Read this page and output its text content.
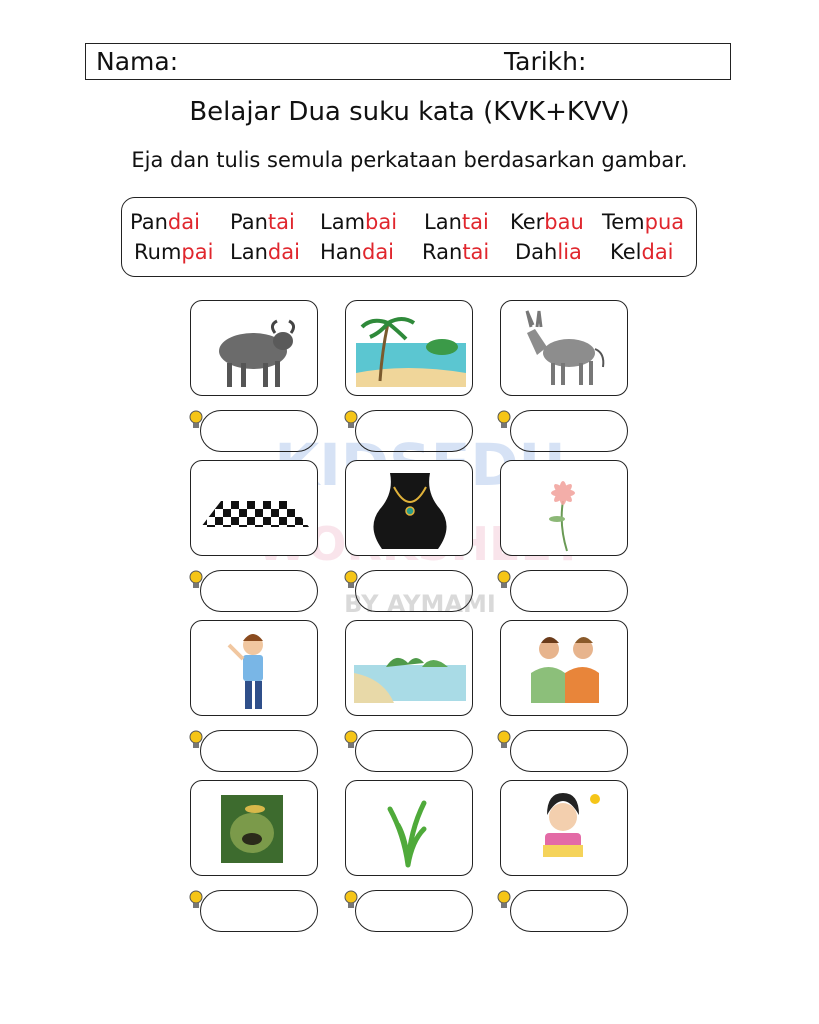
Nama:	Tarikh:
Belajar Dua suku kata (KVK+KVV)
Eja dan tulis semula perkataan berdasarkan gambar.
Pandai Pantai Lambai Lantai Kerbau Tempua
Rumpai Landai Handai Rantai Dahlia Keldai
BY AYMAMI
